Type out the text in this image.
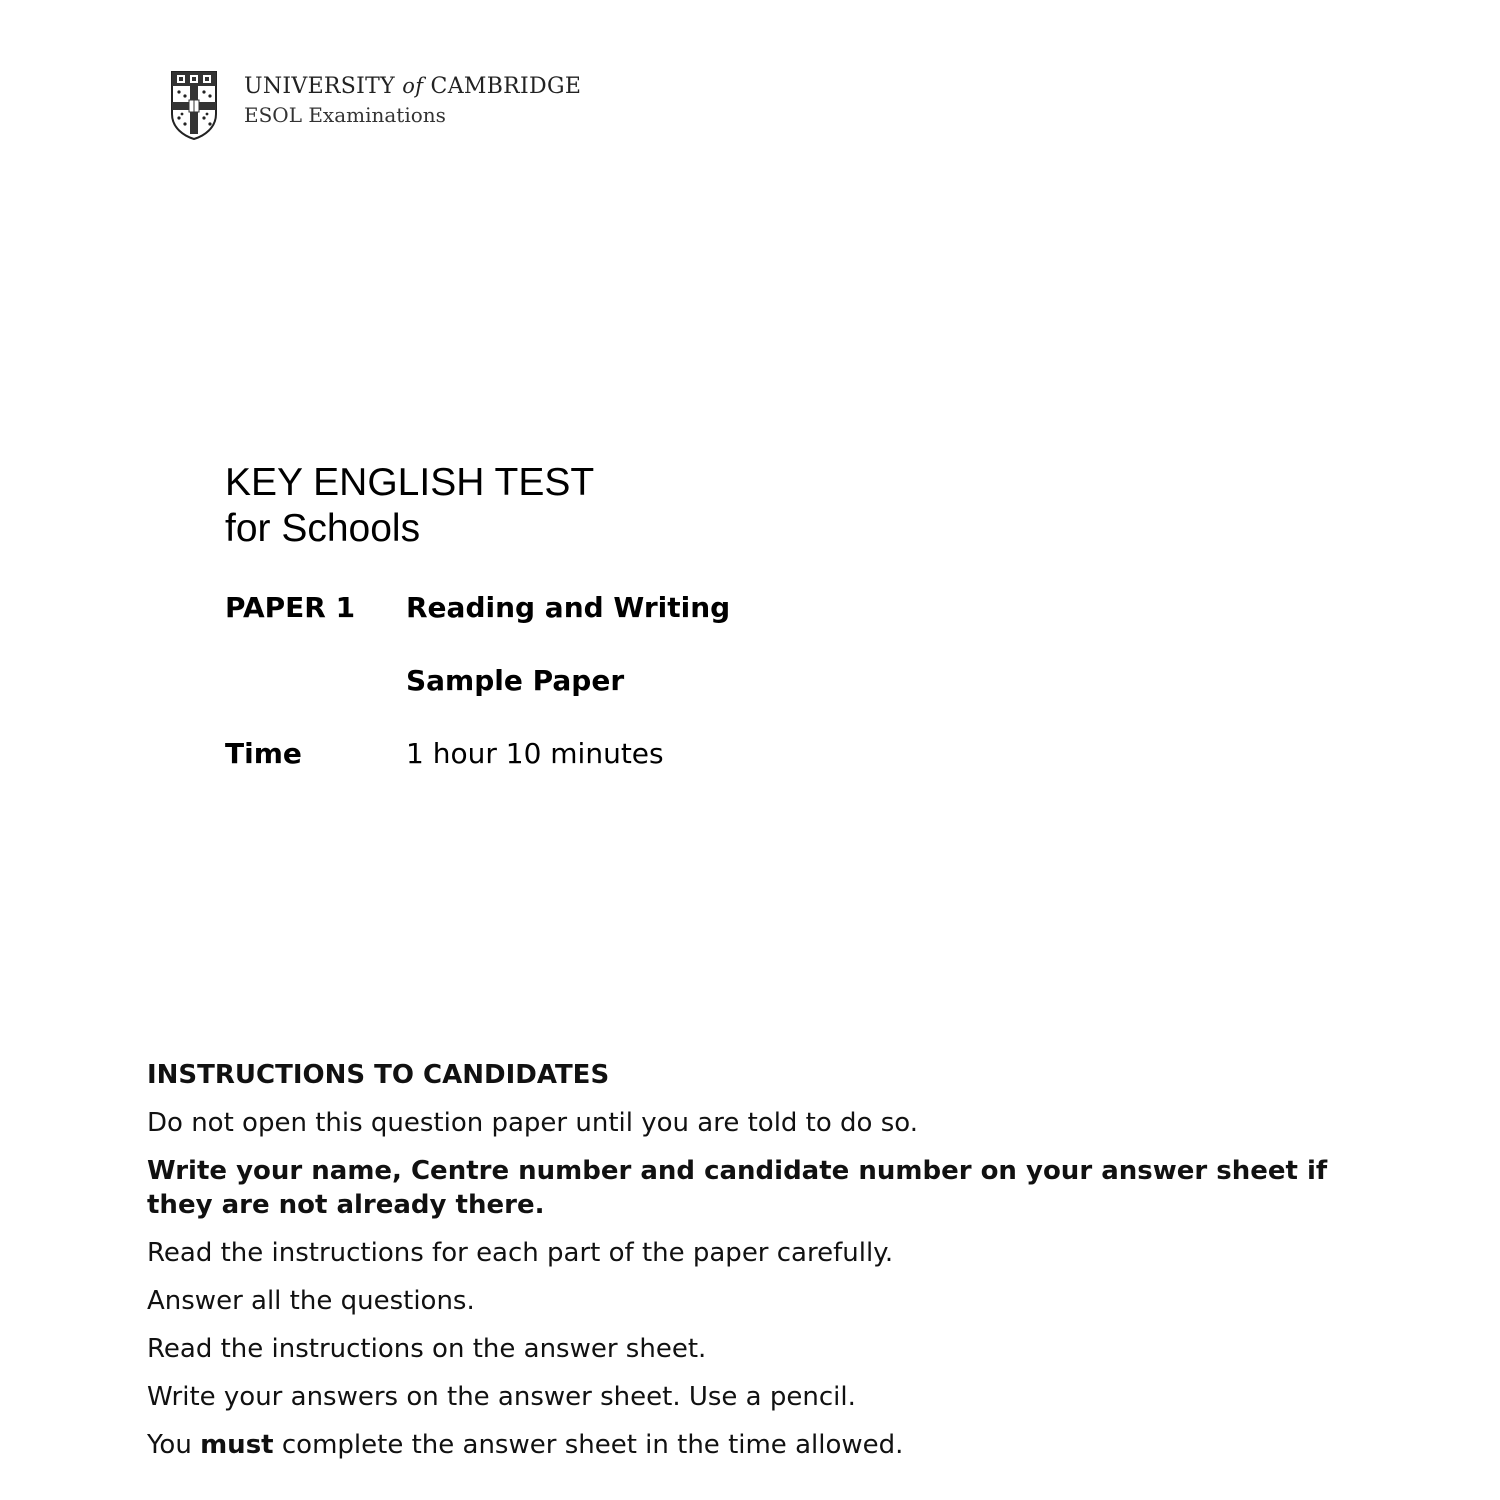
UNIVERSITY of CAMBRIDGE
ESOL Examinations
KEY ENGLISH TEST
for Schools
PAPER 1 Reading and Writing
Sample Paper
Time	1 hour 10 minutes
INSTRUCTIONS TO CANDIDATES

Do not open this question paper until you are told to do so.

Write your name, Centre number and candidate number on your answer sheet if they are not already there.

Read the instructions for each part of the paper carefully.

Answer all the questions.

Read the instructions on the answer sheet.

Write your answers on the answer sheet. Use a pencil.

You must complete the answer sheet in the time allowed.
